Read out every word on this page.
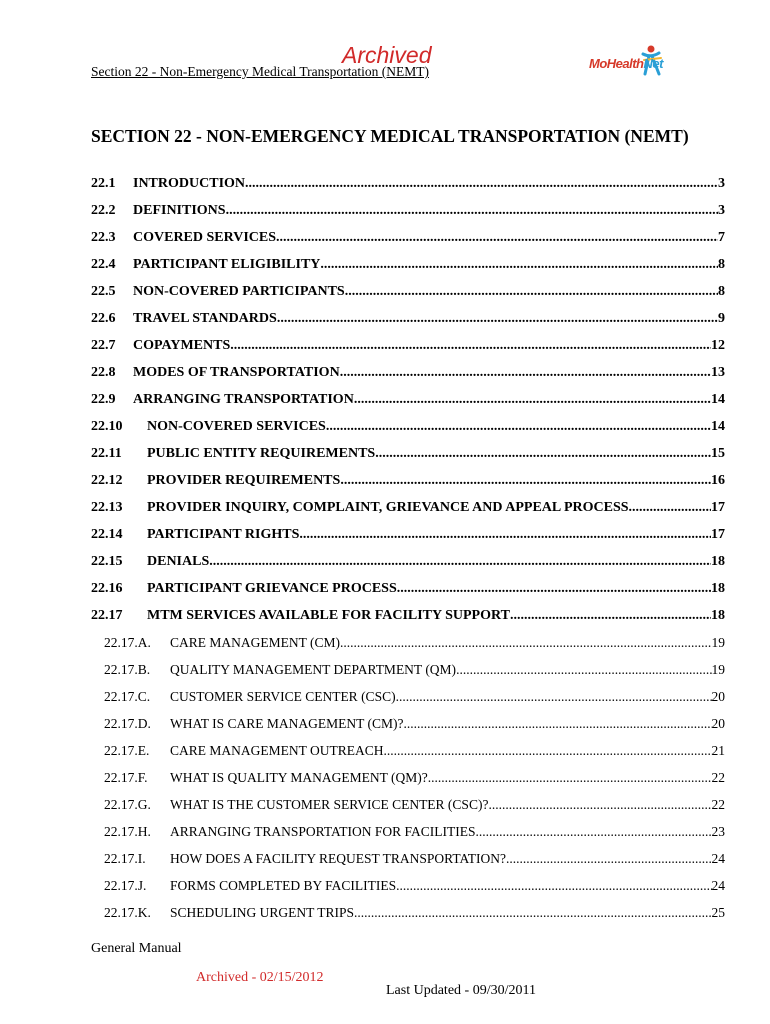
Archived
Section 22 - Non-Emergency Medical Transportation (NEMT)
MoHealthNet
SECTION 22 - NON-EMERGENCY MEDICAL TRANSPORTATION (NEMT)
22.1	INTRODUCTION .....	3
22.2	DEFINITIONS .....	3
22.3	COVERED SERVICES .....	7
22.4	PARTICIPANT ELIGIBILITY .....	8
22.5	NON-COVERED PARTICIPANTS .....	8
22.6	TRAVEL STANDARDS .....	9
22.7	COPAYMENTS .....	12
22.8	MODES OF TRANSPORTATION .....	13
22.9	ARRANGING TRANSPORTATION .....	14
22.10	NON-COVERED SERVICES .....	14
22.11	PUBLIC ENTITY REQUIREMENTS .....	15
22.12	PROVIDER REQUIREMENTS .....	16
22.13	PROVIDER INQUIRY, COMPLAINT, GRIEVANCE AND APPEAL PROCESS .....	17
22.14	PARTICIPANT RIGHTS .....	17
22.15	DENIALS .....	18
22.16	PARTICIPANT GRIEVANCE PROCESS .....	18
22.17	MTM SERVICES AVAILABLE FOR FACILITY SUPPORT .....	18
22.17.A.	CARE MANAGEMENT (CM) .....	19
22.17.B.	QUALITY MANAGEMENT DEPARTMENT (QM) .....	19
22.17.C.	CUSTOMER SERVICE CENTER (CSC) .....	20
22.17.D.	WHAT IS CARE MANAGEMENT (CM)? .....	20
22.17.E.	CARE MANAGEMENT OUTREACH .....	21
22.17.F.	WHAT IS QUALITY MANAGEMENT (QM)? .....	22
22.17.G.	WHAT IS THE CUSTOMER SERVICE CENTER (CSC)? .....	22
22.17.H.	ARRANGING TRANSPORTATION FOR FACILITIES .....	23
22.17.I.	HOW DOES A FACILITY REQUEST TRANSPORTATION? .....	24
22.17.J.	FORMS COMPLETED BY FACILITIES .....	24
22.17.K.	SCHEDULING URGENT TRIPS .....	25
General Manual
Archived - 02/15/2012
Last Updated - 09/30/2011
